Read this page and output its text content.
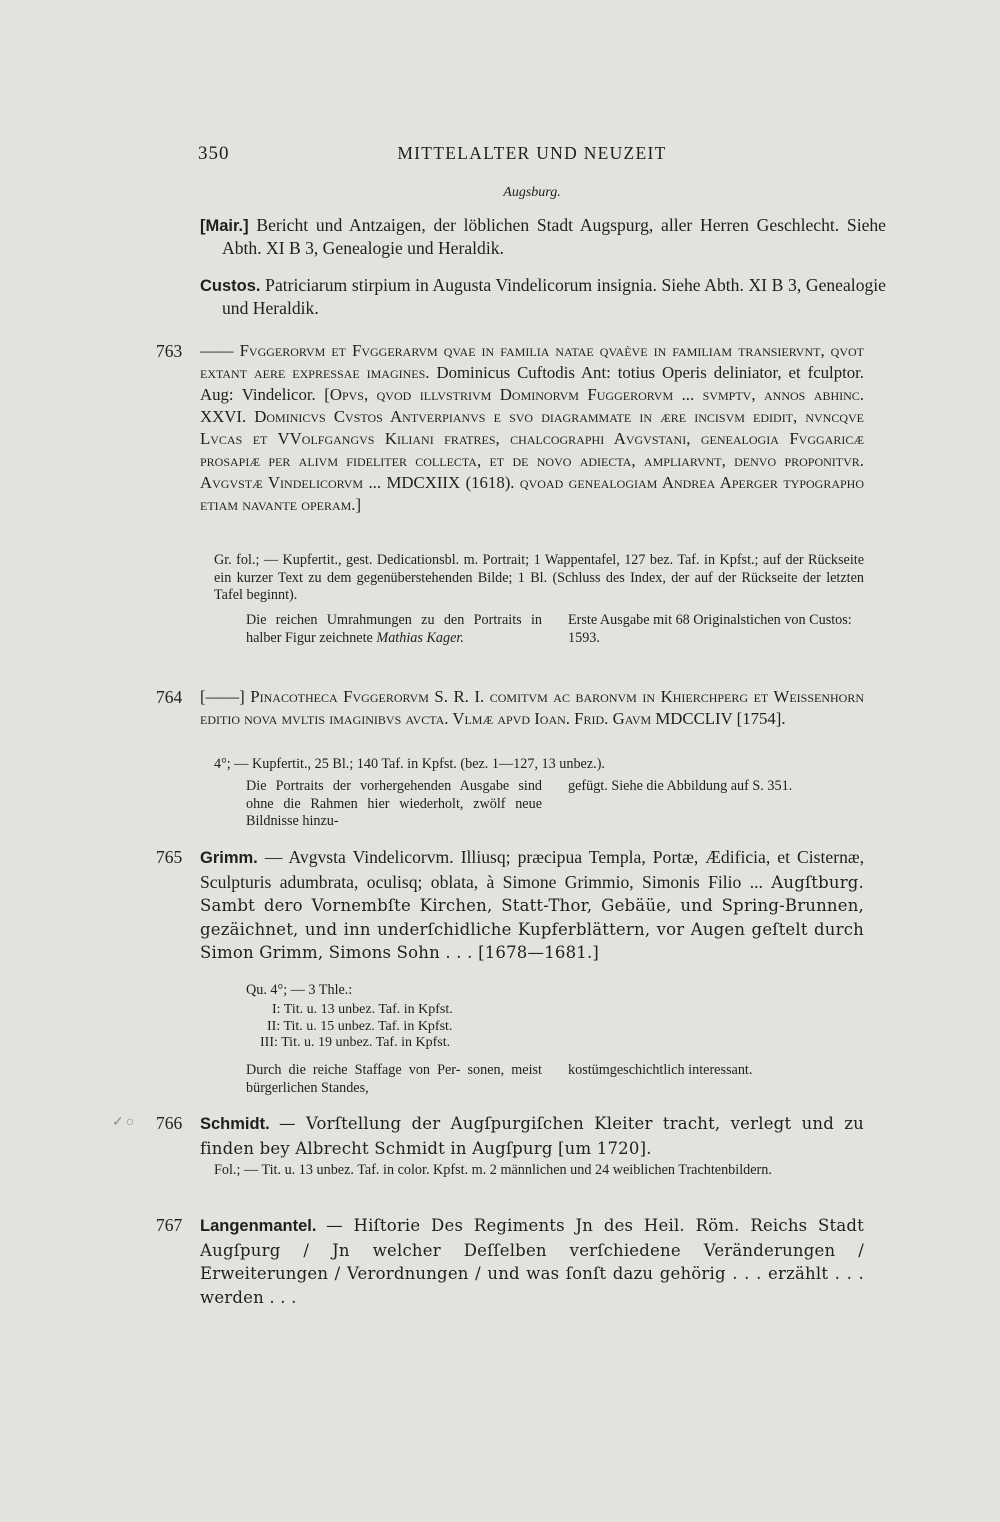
350	MITTELALTER UND NEUZEIT
Augsburg.
[Mair.] Bericht und Antzaigen, der löblichen Stadt Augspurg, aller Herren Geschlecht. Siehe Abth. XI B 3, Genealogie und Heraldik.
Custos. Patriciarum stirpium in Augusta Vindelicorum insignia. Siehe Abth. XI B 3, Genealogie und Heraldik.
763 —— Fvggerorvm et Fvggerarvm qvae in familia natae qvaève in familiam transiervnt, qvot extant aere expressae imagines. Dominicus Cuftodis Ant: totius Operis deliniator, et fculptor. Aug: Vindelicor. [Opvs, qvod illvstrivm Dominorvm Fuggerorvm ... svmptv, annos abhinc. XXVI. Dominicvs Cvstos Antverpianvs e svo diagrammate in ære incisvm edidit, nvncqve Lvcas et VVolfgangvs Kiliani fratres, chalcographi Avgvstani, genealogia Fvggaricæ prosapiæ per alivm fideliter collecta, et de novo adiecta, ampliarvnt, denvo proponitvr. Avgvstæ Vindelicorvm ... MDCXIIX (1618). qvoad genealogiam Andrea Aperger typographo etiam navante operam.]
Gr. fol.; — Kupfertit., gest. Dedicationsbl. m. Portrait; 1 Wappentafel, 127 bez. Taf. in Kpfst.; auf der Rückseite ein kurzer Text zu dem gegenüberstehenden Bilde; 1 Bl. (Schluss des Index, der auf der Rückseite der letzten Tafel beginnt).
Die reichen Umrahmungen zu den Portraits in halber Figur zeichnete Mathias Kager.
Erste Ausgabe mit 68 Originalstichen von Custos: 1593.
764 [——] Pinacotheca Fvggerorvm S. R. I. comitvm ac baronvm in Khierchperg et Weissenhorn editio nova mvltis imaginibvs avcta. Vlmæ apvd Ioan. Frid. Gavm MDCCLIV [1754].
4°; — Kupfertit., 25 Bl.; 140 Taf. in Kpfst. (bez. 1—127, 13 unbez.).
Die Portraits der vorhergehenden Ausgabe sind ohne die Rahmen hier wiederholt, zwölf neue Bildnisse hinzu-
gefügt. Siehe die Abbildung auf S. 351.
765 Grimm. — Avgvsta Vindelicorvm. Illiusq; præcipua Templa, Portæ, Ædificia, et Cisternæ, Sculpturis adumbrata, oculisq; oblata, à Simone Grimmio, Simonis Filio ... Augſtburg. Sambt dero Vornembſte Kirchen, Statt-Thor, Gebäüe, und Spring-Brunnen, gezäichnet, und inn underſchidliche Kupferblättern, vor Augen geſtelt durch Simon Grimm, Simons Sohn . . . [1678—1681.]
Qu. 4°; — 3 Thle.:
I: Tit. u. 13 unbez. Taf. in Kpfst.
II: Tit. u. 15 unbez. Taf. in Kpfst.
III: Tit. u. 19 unbez. Taf. in Kpfst.
Durch die reiche Staffage von Per- sonen, meist bürgerlichen Standes,
kostümgeschichtlich interessant.
✓○ 766 Schmidt. — Vorſtellung der Augſpurgiſchen Kleiter tracht, verlegt und zu finden bey Albrecht Schmidt in Augſpurg [um 1720].
Fol.; — Tit. u. 13 unbez. Taf. in color. Kpfst. m. 2 männlichen und 24 weiblichen Trachtenbildern.
767 Langenmantel. — Hiſtorie Des Regiments Jn des Heil. Röm. Reichs Stadt Augſpurg / Jn welcher Deſſelben verſchiedene Veränderungen / Erweiterungen / Verordnungen / und was ſonſt dazu gehörig . . . erzählt . . . werden . . .
